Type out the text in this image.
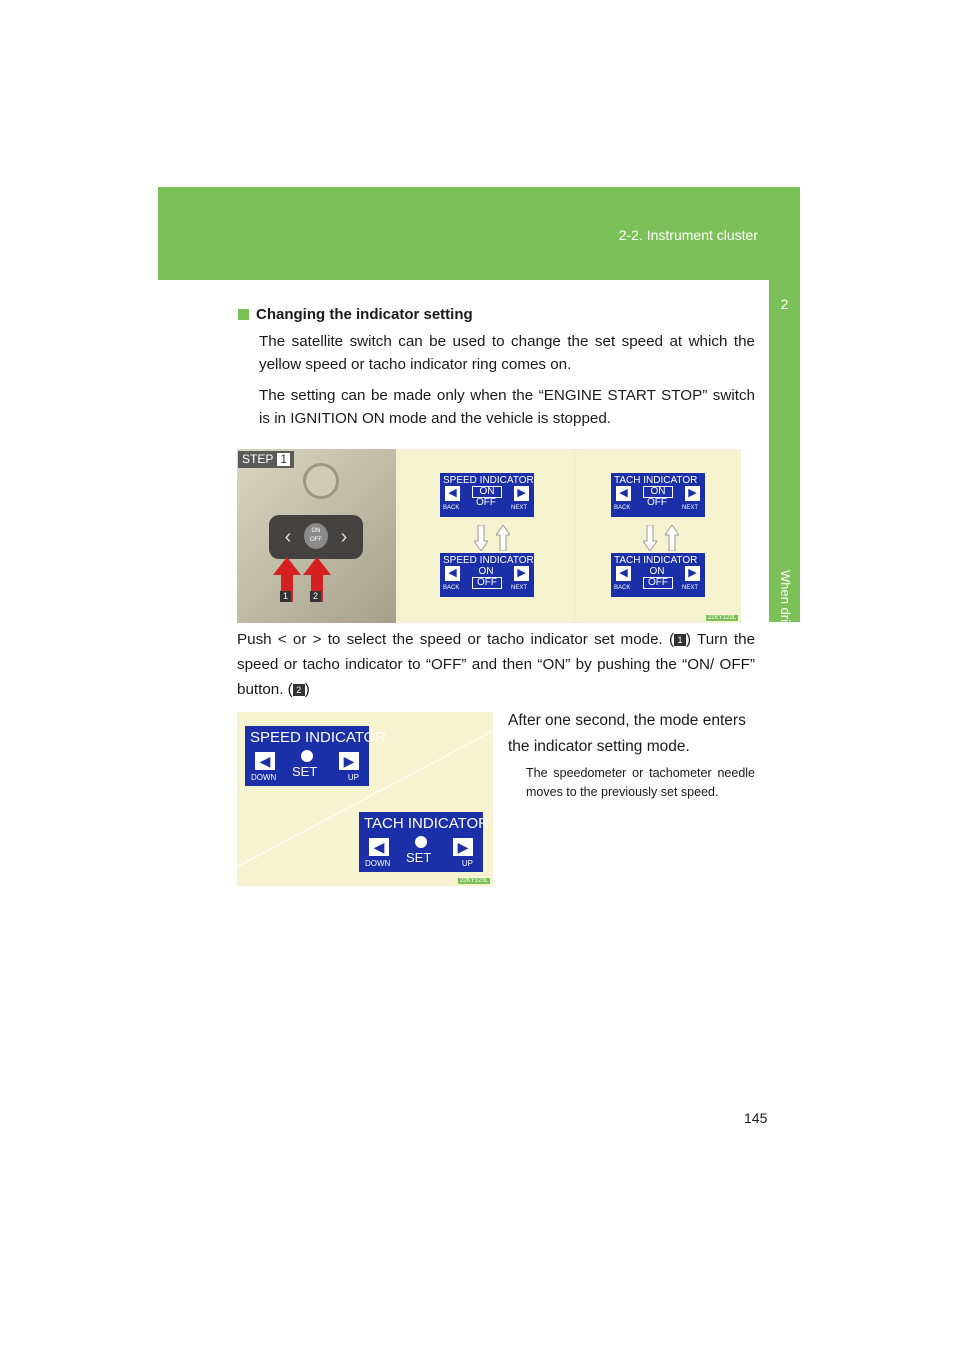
2-2. Instrument cluster
2
When driving
Changing the indicator setting
The satellite switch can be used to change the set speed at which the yellow speed or tacho indicator ring comes on.
The setting can be made only when the “ENGINE START STOP” switch is in IGNITION ON mode and the vehicle is stopped.
STEP 1
‹	ON
OFF ›
1	2
SPEED INDICATOR
◀	ON
OFF
▶
BACK	NEXT
SPEED INDICATOR
◀	ON
OFF
▶
BACK	NEXT
TACH INDICATOR
◀	ON
OFF
▶
BACK	NEXT
TACH INDICATOR
◀	ON
OFF
▶
BACK	NEXT
22KY122L
Push < or > to select the speed or tacho indicator set mode. ( 1 ) Turn the speed or tacho indicator to “OFF” and then “ON” by pushing the “ON/ OFF” button. ( 2 )
SPEED INDICATOR
◀	▶
DOWN SET	UP
TACH INDICATOR
◀	▶
DOWN SET	UP
22KY123L
After one second, the mode enters the indicator setting mode.
The speedometer or tachometer needle moves to the previously set speed.
145
